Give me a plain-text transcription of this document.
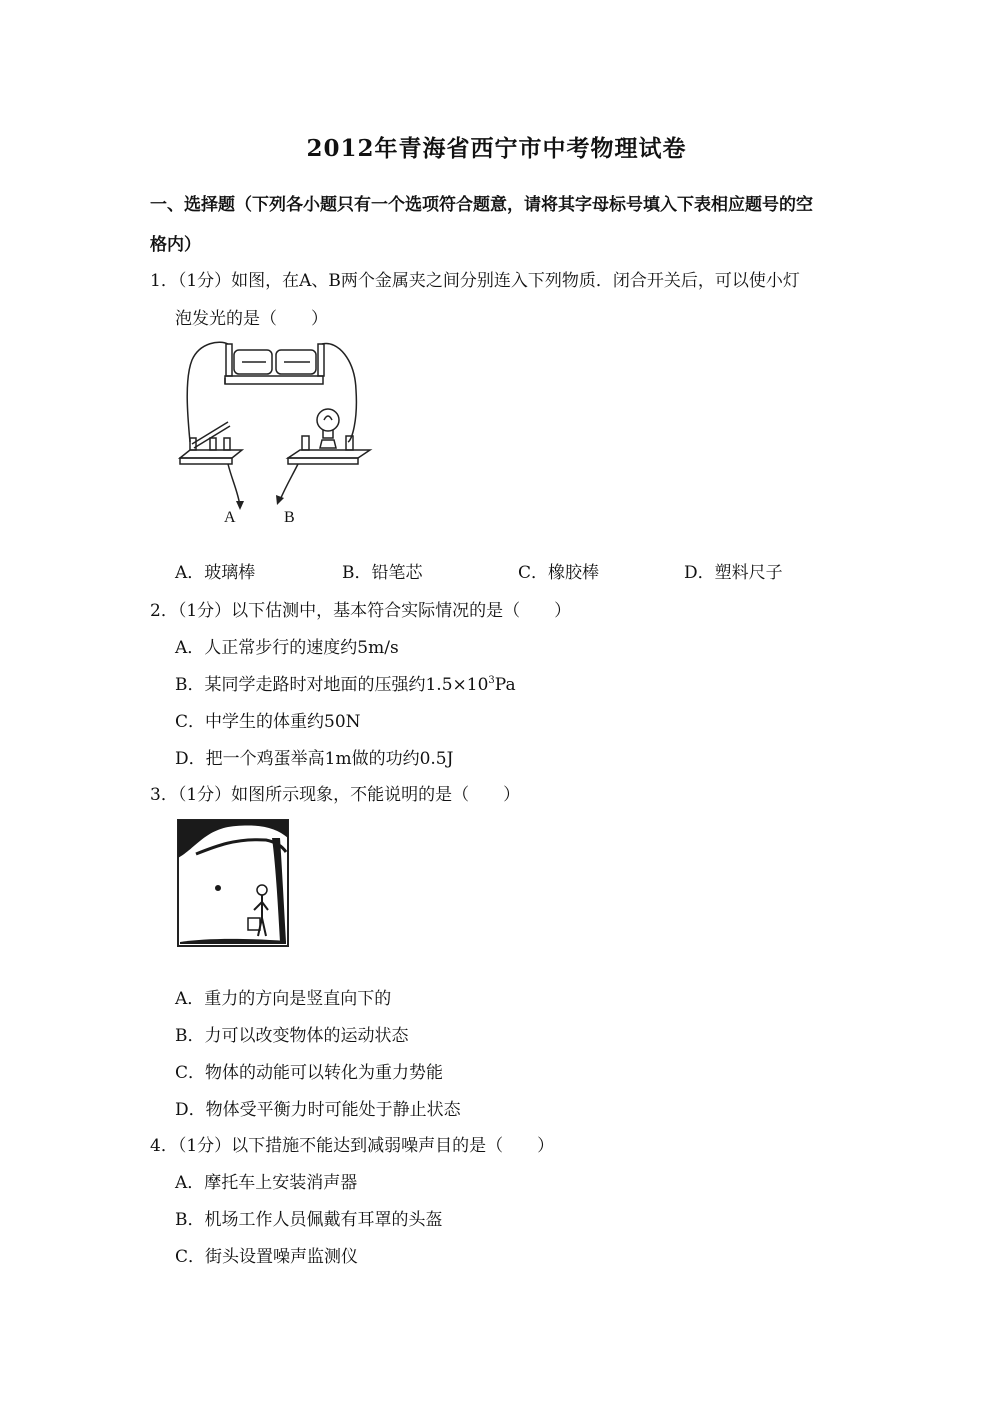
2012年青海省西宁市中考物理试卷
一、选择题（下列各小题只有一个选项符合题意，请将其字母标号填入下表相应题号的空
格内）
1．（1分）如图，在A、B两个金属夹之间分别连入下列物质．闭合开关后，可以使小灯
泡发光的是（　　）
A	B
A．玻璃棒	B．铅笔芯	C．橡胶棒	D．塑料尺子
2．（1分）以下估测中，基本符合实际情况的是（　　）
A．人正常步行的速度约5m/s
B．某同学走路时对地面的压强约$1.5\times 10^3Pa$
C．中学生的体重约50N
D．把一个鸡蛋举高1m做的功约0.5J
3．（1分）如图所示现象，不能说明的是（　　）
A．重力的方向是竖直向下的
B．力可以改变物体的运动状态
C．物体的动能可以转化为重力势能
D．物体受平衡力时可能处于静止状态
4．（1分）以下措施不能达到减弱噪声目的是（　　）
A．摩托车上安装消声器
B．机场工作人员佩戴有耳罩的头盔
C．街头设置噪声监测仪
